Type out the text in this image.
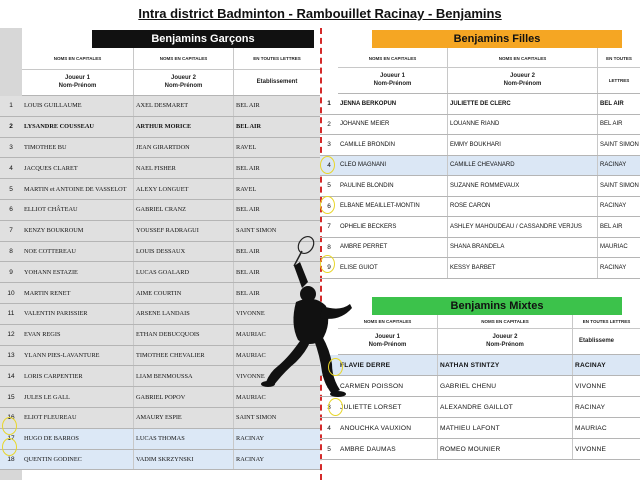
Intra district Badminton - Rambouillet Racinay - Benjamins
Benjamins Garçons
NOMS EN CAPITALES	NOMS EN CAPITALES	EN TOUTES LETTRES
Joueur 1
Nom-Prénom
Joueur 2
Nom-Prénom
Etablissement
1	LOUIS GUILLAUME	AXEL DESMARET	BEL AIR
2	LYSANDRE COUSSEAU	ARTHUR MORICE	BEL AIR
3	TIMOTHEE BU	JEAN GIRARTDON	RAVEL
4	JACQUES CLARET	NAEL FISHER	BEL AIR
5	MARTIN et ANTOINE DE VASSELOT	ALEXY LONGUET	RAVEL
6	ELLIOT CHÂTEAU	GABRIEL CRANZ	BEL AIR
7	KENZY BOUKROUM	YOUSSEF RADRAGUI	SAINT SIMON
8	NOE COTTEREAU	LOUIS DESSAUX	BEL AIR
9	YOHANN ESTAZIE	LUCAS GOALARD	BEL AIR
10	MARTIN RENET	AIME COURTIN	BEL AIR
11	VALENTIN PARISSIER	ARSENE LANDAIS	VIVONNE
12	EVAN REGIS	ETHAN DEBUCQUOIS	MAURIAC
13	YLANN PIES-LAVANTURE	TIMOTHEE CHEVALIER	MAURIAC
14	LORIS CARPENTIER	LIAM BENMOUSSA	VIVONNE
15	JULES LE GALL	GABRIEL POPOV	MAURIAC
16	ELIOT FLEUREAU	AMAURY ESPIE	SAINT SIMON
17	HUGO DE BARROS	LUCAS THOMAS	RACINAY
18	QUENTIN GODINEC	VADIM SKRZYNSKI	RACINAY
Benjamins Filles
NOMS EN CAPITALES	NOMS EN CAPITALES	EN TOUTES LETTRES
Joueur 1
Nom-Prénom
Joueur 2
Nom-Prénom
1	JENNA BERKOPUN	JULIETTE DE CLERC	BEL AIR
2	JOHANNE MEIER	LOUANNE RIAND	BEL AIR
3	CAMILLE BRONDIN	EMMY BOUKHARI	SAINT SIMON
4	CLEO MAGNANI	CAMILLE CHEVANARD	RACINAY
5	PAULINE BLONDIN	SUZANNE ROMMEVAUX	SAINT SIMON
6	ELBANE MEAILLET-MONTIN	ROSE CARON	RACINAY
7	OPHELIE BECKERS	ASHLEY MAHOUDEAU / CASSANDRE VERJUS	BEL AIR
8	AMBRE PERRET	SHANA BRANDELA	MAURIAC
9	ELISE GUIOT	KESSY BARBET	RACINAY
Benjamins Mixtes
NOMS EN CAPITALES	NOMS EN CAPITALES	EN TOUTES LETTRES
Joueur 1
Nom-Prénom
Joueur 2
Nom-Prénom
Etablisseme
FLAVIE DERRE	NATHAN STINTZY	RACINAY
CARMEN POISSON	GABRIEL CHENU	VIVONNE
3	JULIETTE LORSET	ALEXANDRE GAILLOT	RACINAY
4	ANOUCHKA VAUXION	MATHIEU LAFONT	MAURIAC
5	AMBRE DAUMAS	ROMEO MOUNIER	VIVONNE
